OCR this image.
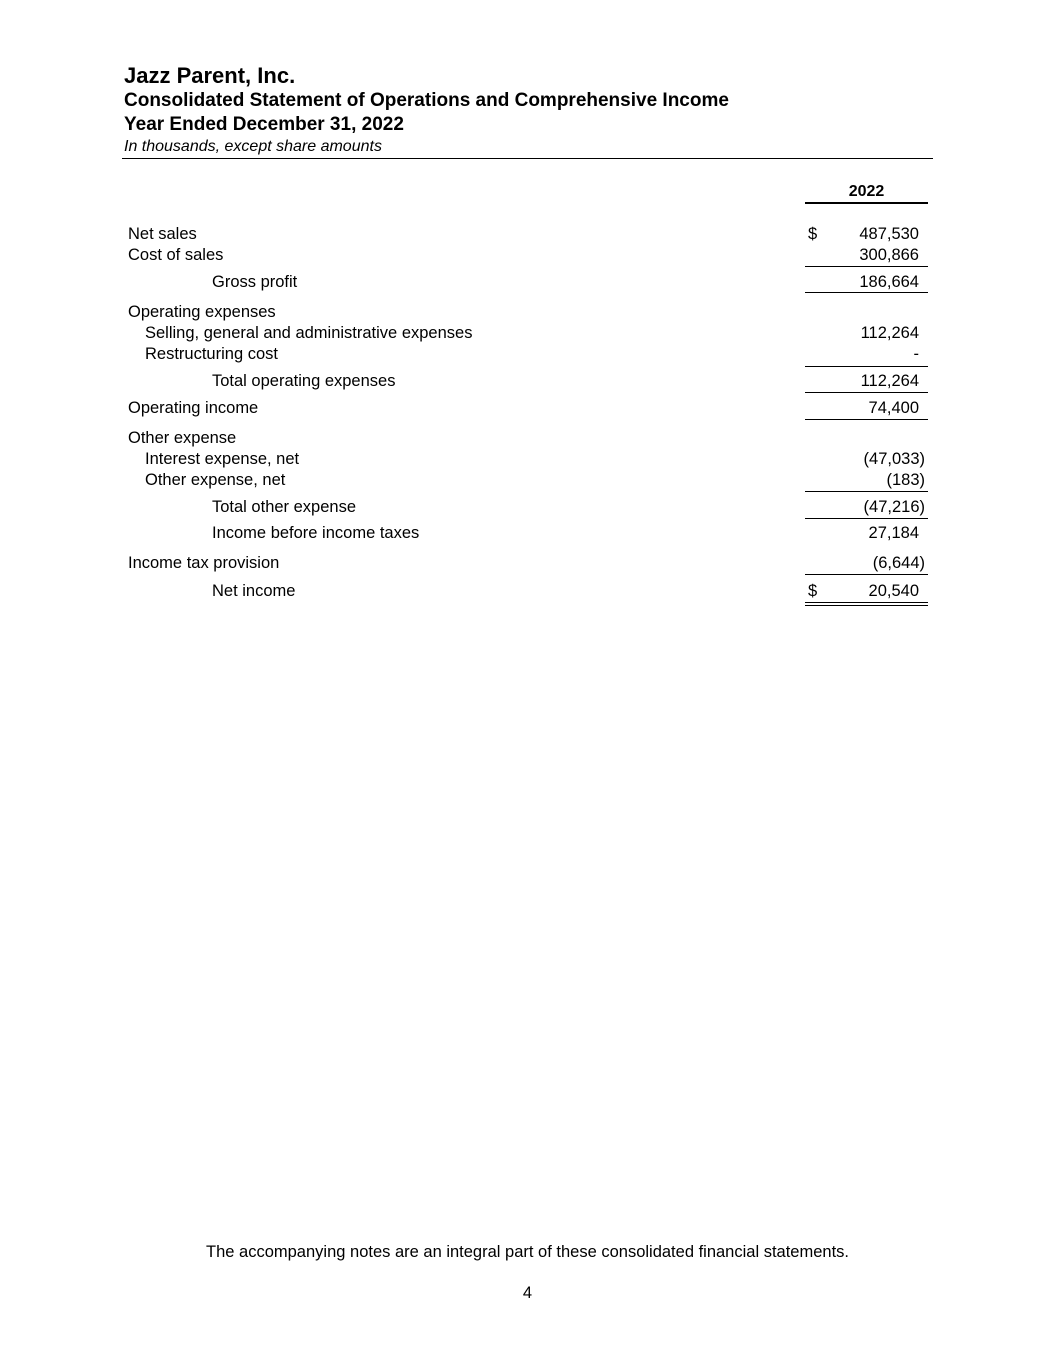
Jazz Parent, Inc.
Consolidated Statement of Operations and Comprehensive Income
Year Ended December 31, 2022
In thousands, except share amounts
2022
Net sales	$	487,530
Cost of sales	300,866
Gross profit	186,664
Operating expenses
Selling, general and administrative expenses	112,264
Restructuring cost	-
Total operating expenses	112,264
Operating income	74,400
Other expense
Interest expense, net	(47,033)
Other expense, net	(183)
Total other expense	(47,216)
Income before income taxes	27,184
Income tax provision	(6,644)
Net income	$	20,540
The accompanying notes are an integral part of these consolidated financial statements.
4
